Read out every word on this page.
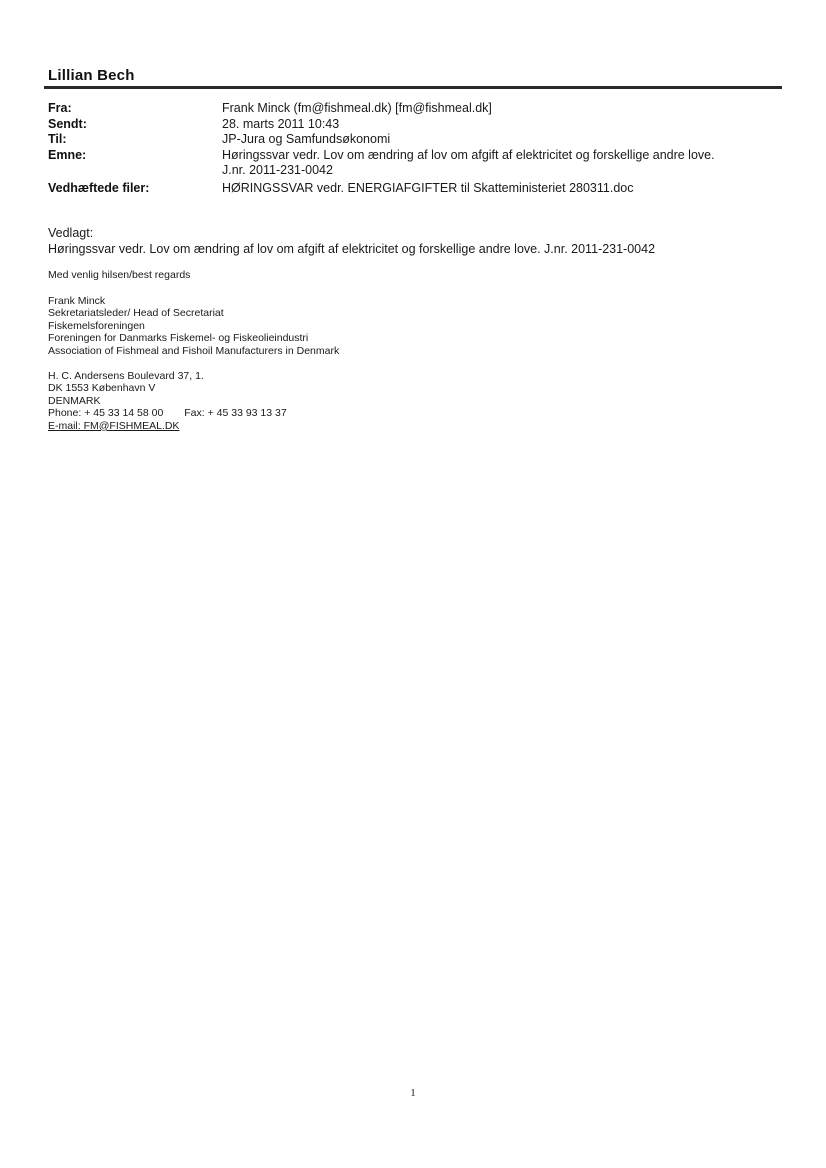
Lillian Bech
Fra:	Frank Minck (fm@fishmeal.dk) [fm@fishmeal.dk]
Sendt:	28. marts 2011 10:43
Til:	JP-Jura og Samfundsøkonomi
Emne:	Høringssvar vedr. Lov om ændring af lov om afgift af elektricitet og forskellige andre love.
J.nr. 2011-231-0042
Vedhæftede filer:	HØRINGSSVAR vedr. ENERGIAFGIFTER til Skatteministeriet 280311.doc
Vedlagt:
Høringssvar vedr. Lov om ændring af lov om afgift af elektricitet og forskellige andre love. J.nr. 2011-231-0042
Med venlig hilsen/best regards
Frank Minck
Sekretariatsleder/ Head of Secretariat
Fiskemelsforeningen
Foreningen for Danmarks Fiskemel- og Fiskeolieindustri
Association of Fishmeal and Fishoil Manufacturers in Denmark
H. C. Andersens Boulevard 37, 1.
DK 1553 København V
DENMARK
Phone: + 45 33 14 58 00 Fax: + 45 33 93 13 37
E-mail: FM@FISHMEAL.DK
1
